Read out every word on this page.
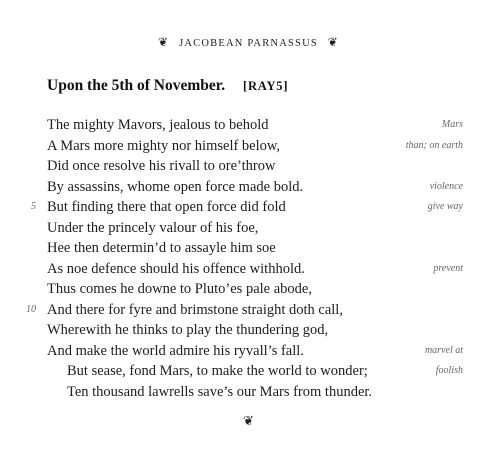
❦ JACOBEAN PARNASSUS ❦
Upon the 5th of November. [RAY5]
The mighty Mavors, jealous to behold	Mars
A Mars more mighty nor himself below,	than; on earth
Did once resolve his rivall to ore’throw
By assassins, whome open force made bold.	violence
5 But finding there that open force did fold	give way
Under the princely valour of his foe,
Hee then determin’d to assayle him soe
As noe defence should his offence withhold.	prevent
Thus comes he downe to Pluto’es pale abode,
10 And there for fyre and brimstone straight doth call,
Wherewith he thinks to play the thundering god,
And make the world admire his ryvall’s fall.	marvel at
But sease, fond Mars, to make the world to wonder;	foolish
Ten thousand lawrells save’s our Mars from thunder.
❦
